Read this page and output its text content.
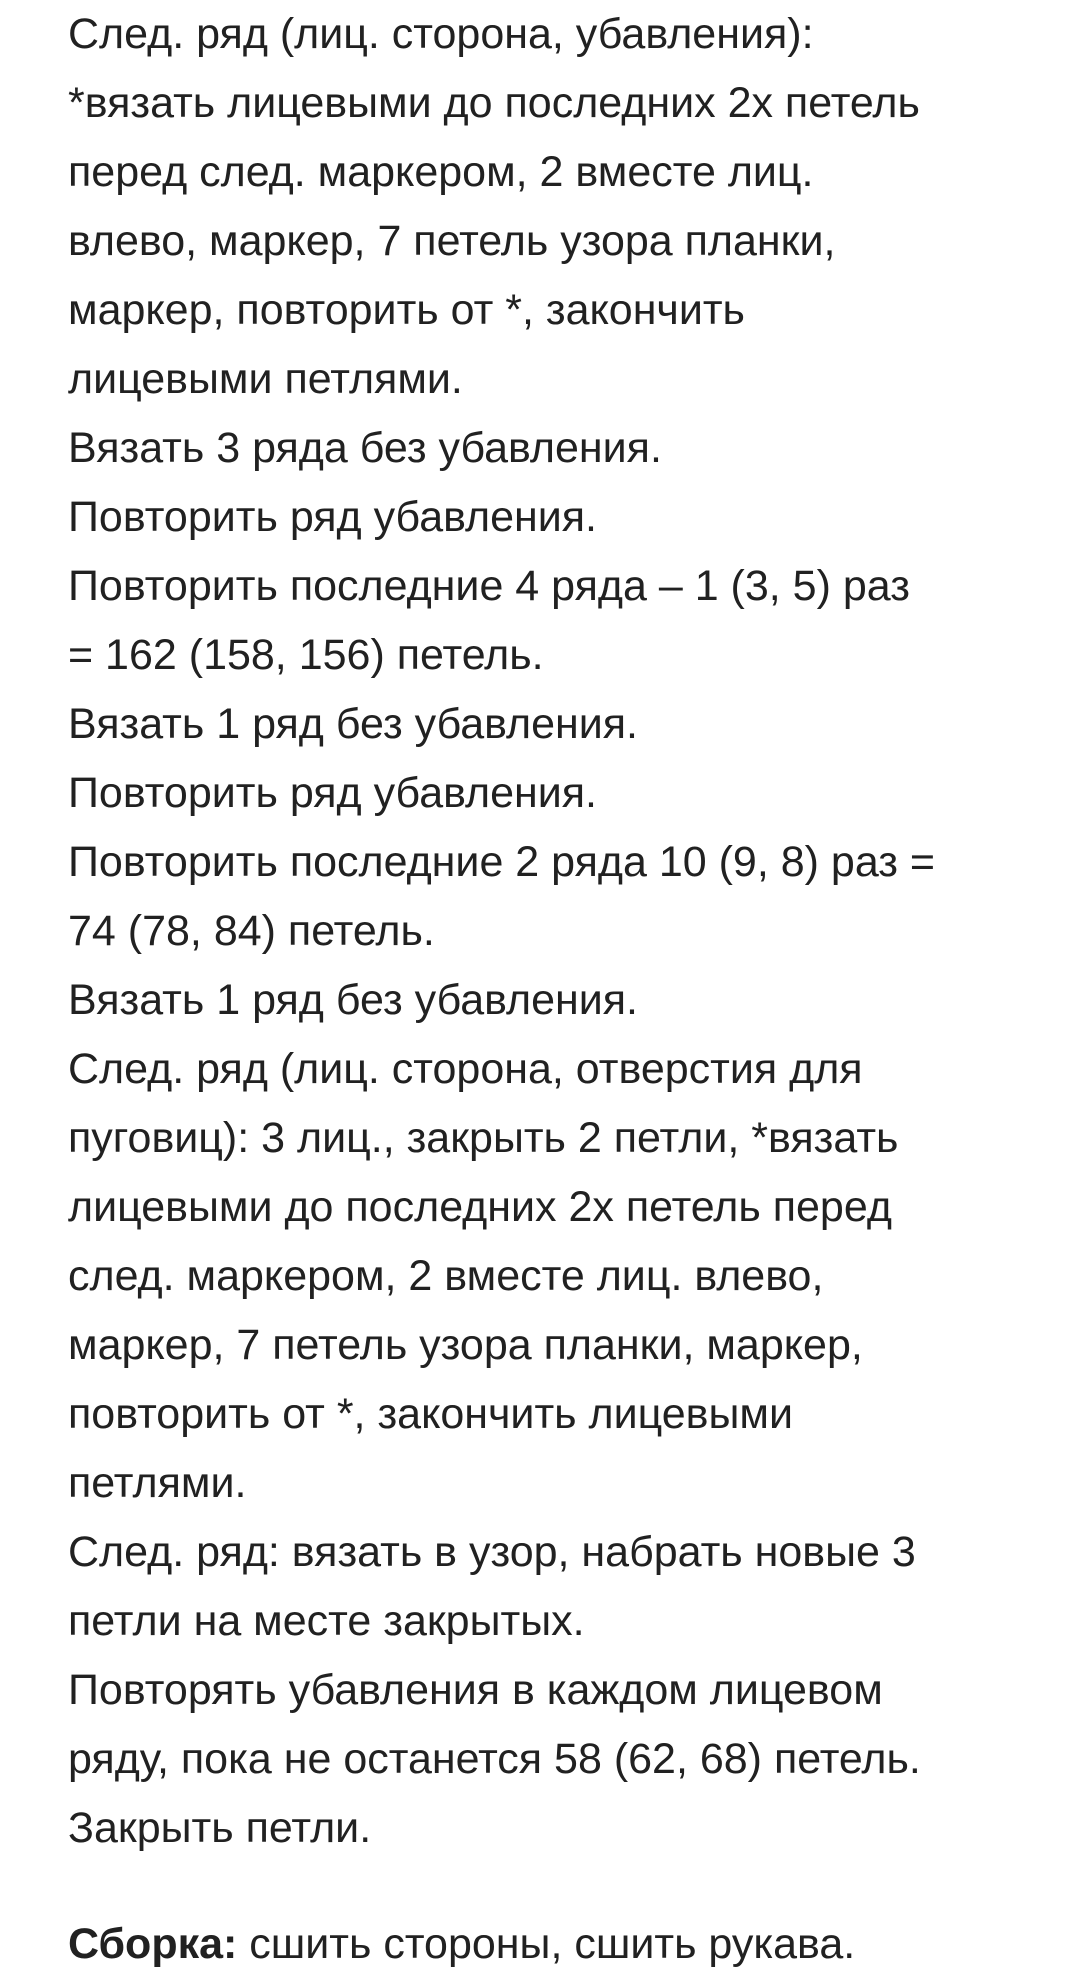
След. ряд (лиц. сторона, убавления):
*вязать лицевыми до последних 2х петель
перед след. маркером, 2 вместе лиц.
влево, маркер, 7 петель узора планки,
маркер, повторить от *, закончить
лицевыми петлями.
Вязать 3 ряда без убавления.
Повторить ряд убавления.
Повторить последние 4 ряда – 1 (3, 5) раз
= 162 (158, 156) петель.
Вязать 1 ряд без убавления.
Повторить ряд убавления.
Повторить последние 2 ряда 10 (9, 8) раз =
74 (78, 84) петель.
Вязать 1 ряд без убавления.
След. ряд (лиц. сторона, отверстия для
пуговиц): 3 лиц., закрыть 2 петли, *вязать
лицевыми до последних 2х петель перед
след. маркером, 2 вместе лиц. влево,
маркер, 7 петель узора планки, маркер,
повторить от *, закончить лицевыми
петлями.
След. ряд: вязать в узор, набрать новые 3
петли на месте закрытых.
Повторять убавления в каждом лицевом
ряду, пока не останется 58 (62, 68) петель.
Закрыть петли.
Сборка: сшить стороны, сшить рукава.
